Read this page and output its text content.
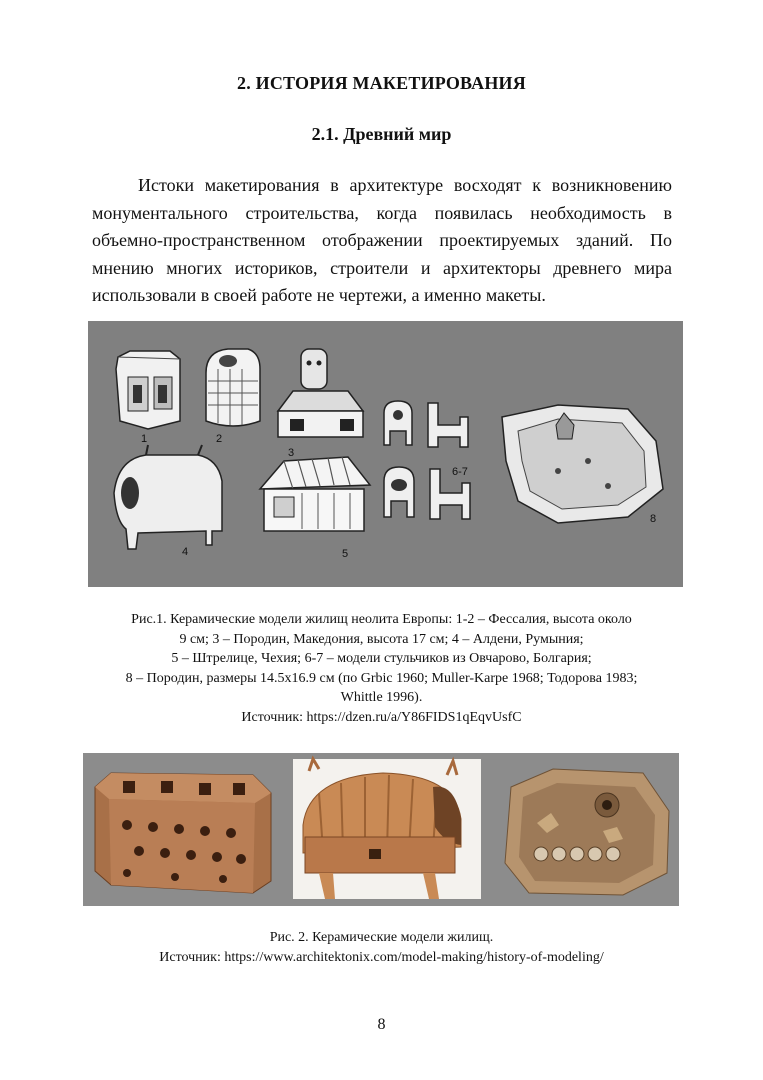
2. ИСТОРИЯ МАКЕТИРОВАНИЯ
2.1. Древний мир

Истоки макетирования в архитектуре восходят к возникновению монументального строительства, когда появилась необходимость в объемно-пространственном отображении проектируемых зданий. По мнению многих историков, строители и архитекторы древнего мира использовали в своей работе не чертежи, а именно макеты.

1	2
3
4	5
6-7
8
Рис.1. Керамические модели жилищ неолита Европы: 1-2 – Фессалия, высота около
9 см; 3 – Породин, Македония, высота 17 см; 4 – Алдени, Румыния;
5 – Штрелице, Чехия; 6-7 – модели стульчиков из Овчарово, Болгария;
8 – Породин, размеры 14.5х16.9 см (по Grbic 1960; Muller-Karpe 1968; Тодорова 1983;
Whittle 1996).
Источник: https://dzen.ru/a/Y86FIDS1qEqvUsfC
Рис. 2. Керамические модели жилищ.
Источник: https://www.architektonix.com/model-making/history-of-modeling/
8
